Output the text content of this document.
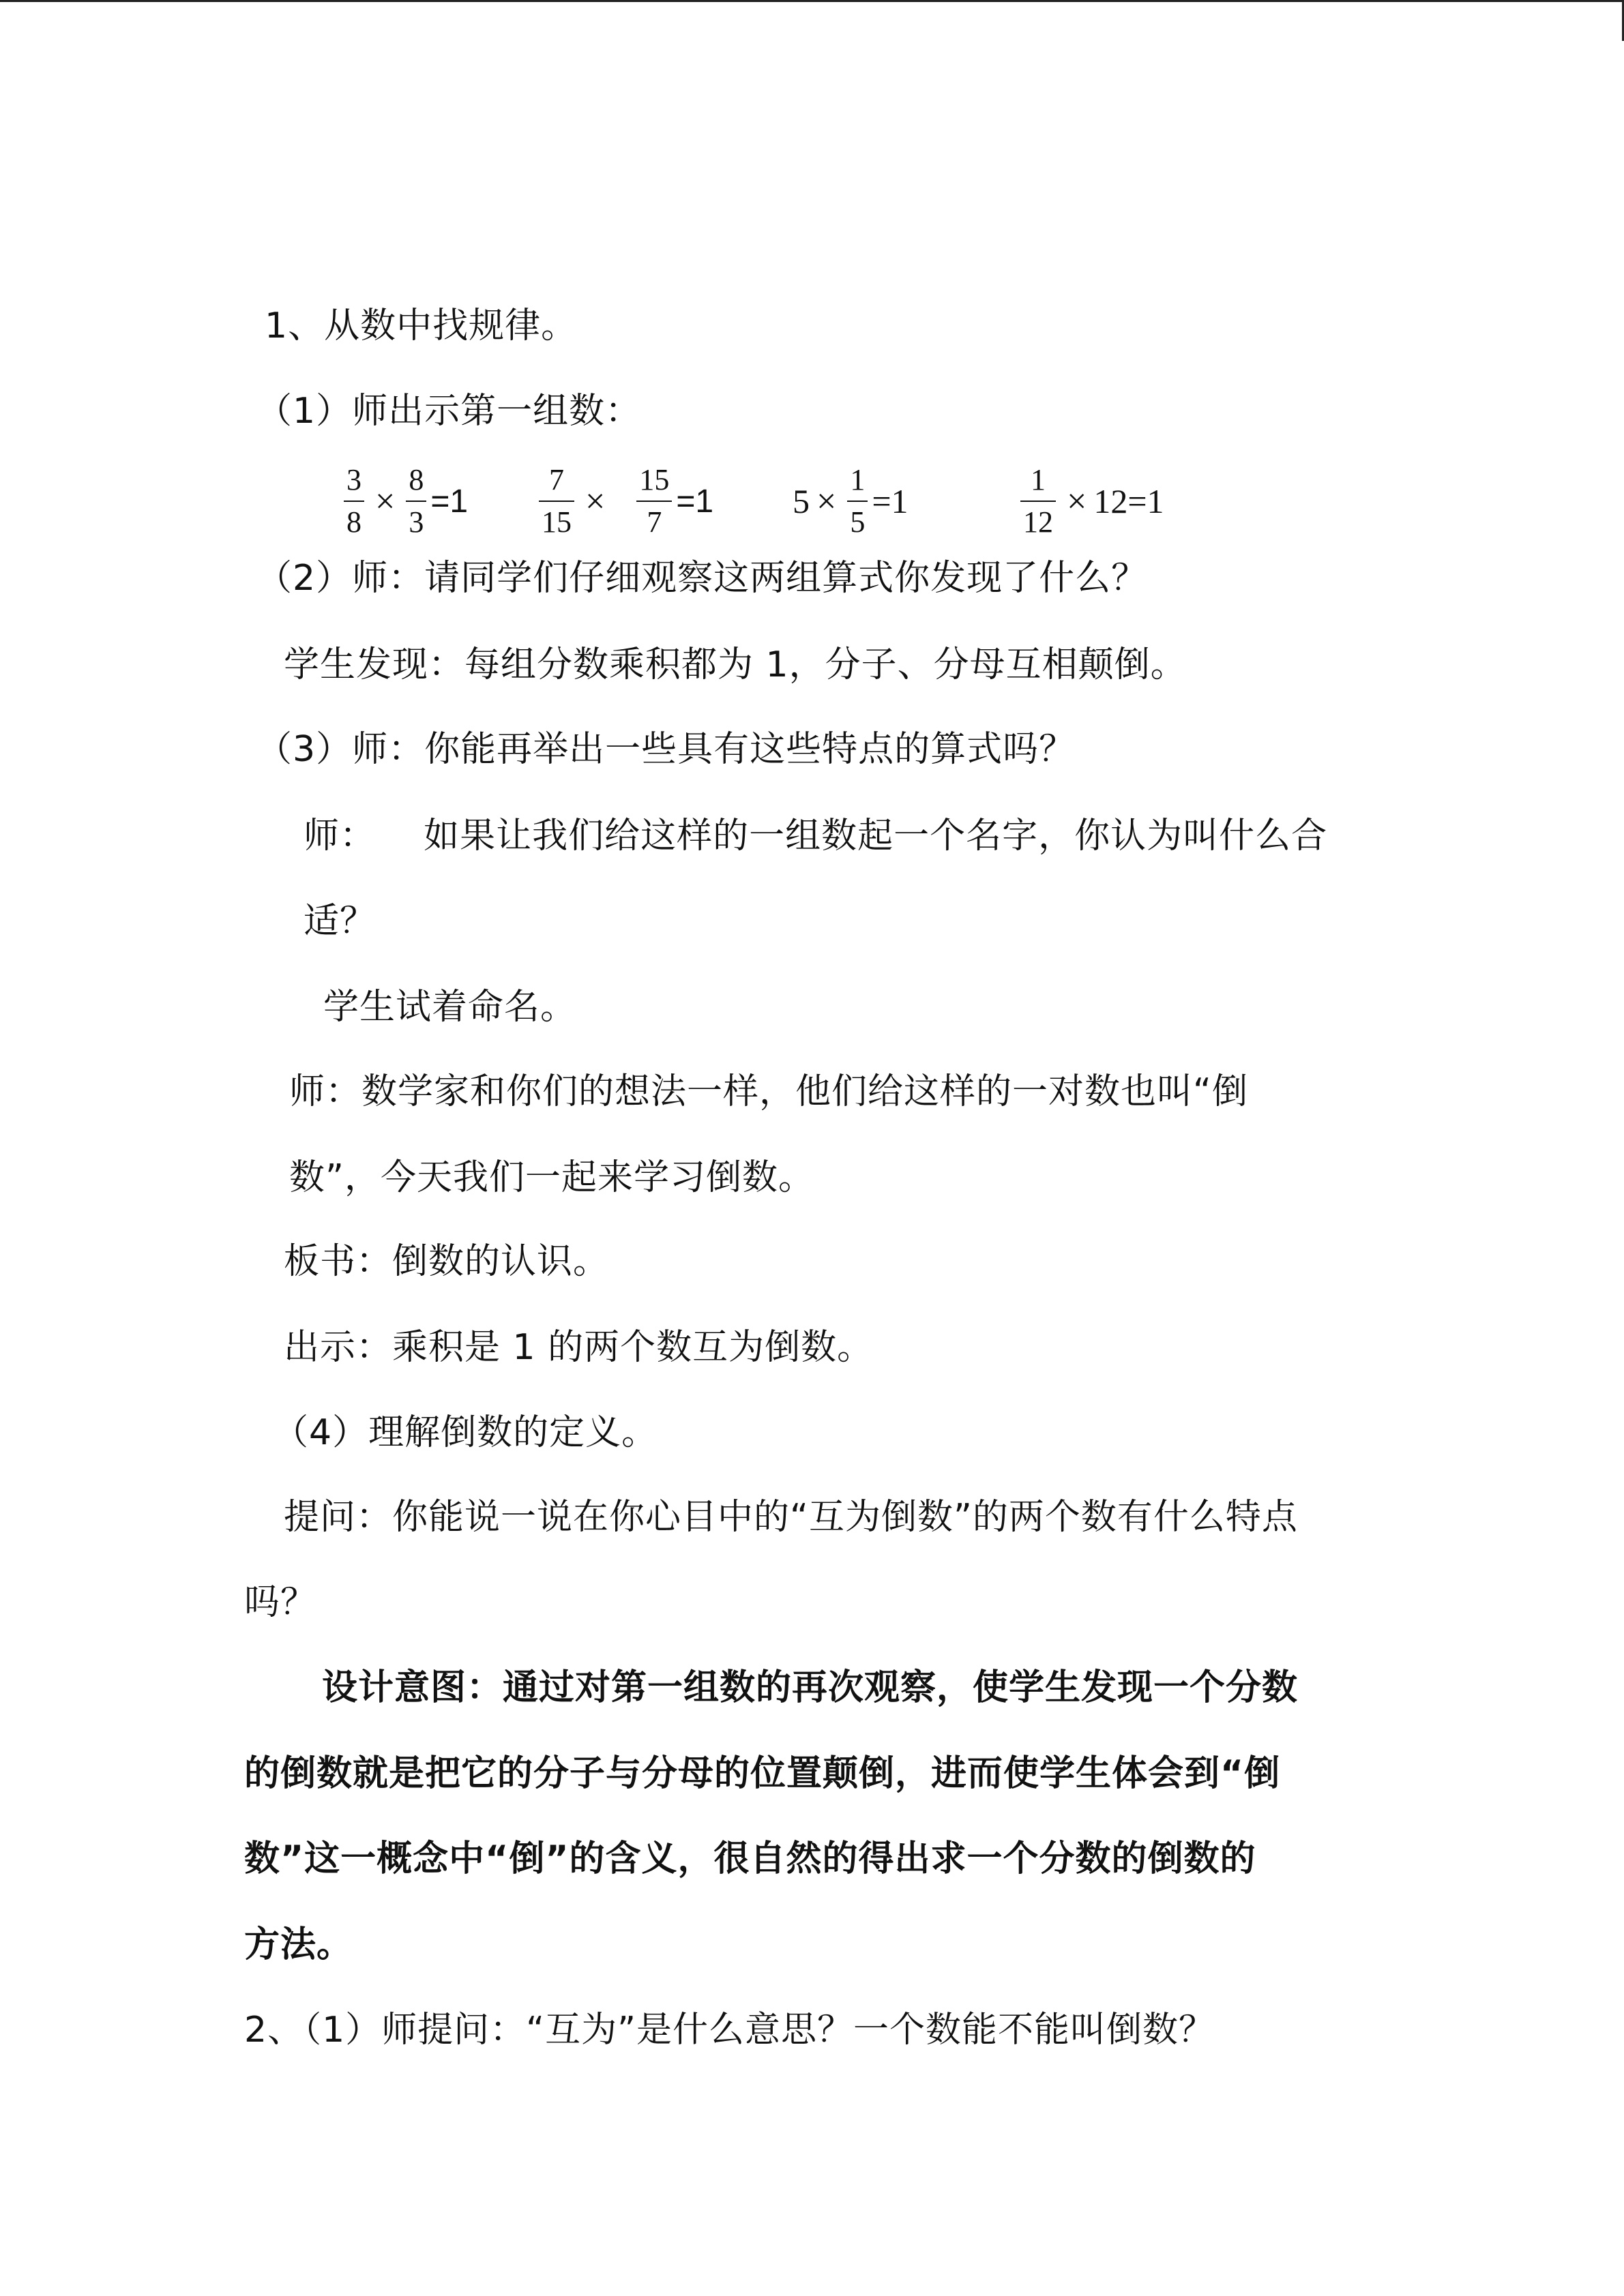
1、从数中找规律。
（1）师出示第一组数：
$\frac{3}{8} \times \frac{8}{3} =1 \frac{7}{15} \times \frac{15}{7} =1$ $5 \times \frac{1}{5} =1$	$\frac{1}{12} \times 12=1$
（2）师：请同学们仔细观察这两组算式你发现了什么？
学生发现：每组分数乘积都为 1，分子、分母互相颠倒。
（3）师：你能再举出一些具有这些特点的算式吗？
师：    如果让我们给这样的一组数起一个名字，你认为叫什么合
适？
学生试着命名。
师：数学家和你们的想法一样，他们给这样的一对数也叫“倒
数”，今天我们一起来学习倒数。
板书：倒数的认识。
出示：乘积是 1 的两个数互为倒数。
（4）理解倒数的定义。
提问：你能说一说在你心目中的“互为倒数”的两个数有什么特点
吗？
设计意图：通过对第一组数的再次观察，使学生发现一个分数
的倒数就是把它的分子与分母的位置颠倒，进而使学生体会到“倒
数”这一概念中“倒”的含义，很自然的得出求一个分数的倒数的
方法。
2、（1）师提问：“互为”是什么意思？一个数能不能叫倒数？
